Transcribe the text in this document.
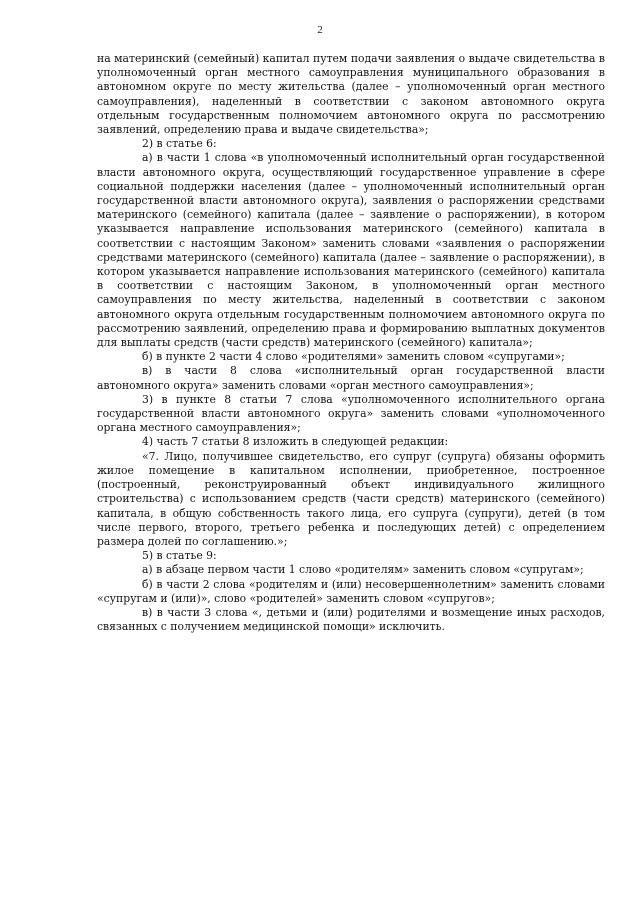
2

на материнский (семейный) капитал путем подачи заявления о выдаче свидетельства в уполномоченный орган местного самоуправления муниципального образования в автономном округе по месту жительства (далее – уполномоченный орган местного самоуправления), наделенный в соответствии с законом автономного округа отдельным государственным полномочием автономного округа по рассмотрению заявлений, определению права и выдаче свидетельства»;

2) в статье 6:

а) в части 1 слова «в уполномоченный исполнительный орган государственной власти автономного округа, осуществляющий государственное управление в сфере социальной поддержки населения (далее – уполномоченный исполнительный орган государственной власти автономного округа), заявления о распоряжении средствами материнского (семейного) капитала (далее – заявление о распоряжении), в котором указывается направление использования материнского (семейного) капитала в соответствии с настоящим Законом» заменить словами «заявления о распоряжении средствами материнского (семейного) капитала (далее – заявление о распоряжении), в котором указывается направление использования материнского (семейного) капитала в соответствии с настоящим Законом, в уполномоченный орган местного самоуправления по месту жительства, наделенный в соответствии с законом автономного округа отдельным государственным полномочием автономного округа по рассмотрению заявлений, определению права и формированию выплатных документов для выплаты средств (части средств) материнского (семейного) капитала»;

б) в пункте 2 части 4 слово «родителями» заменить словом «супругами»;

в) в части 8 слова «исполнительный орган государственной власти автономного округа» заменить словами «орган местного самоуправления»;

3) в пункте 8 статьи 7 слова «уполномоченного исполнительного органа государственной власти автономного округа» заменить словами «уполномоченного органа местного самоуправления»;

4) часть 7 статьи 8 изложить в следующей редакции:

«7. Лицо, получившее свидетельство, его супруг (супруга) обязаны оформить жилое помещение в капитальном исполнении, приобретенное, построенное (построенный, реконструированный объект индивидуального жилищного строительства) с использованием средств (части средств) материнского (семейного) капитала, в общую собственность такого лица, его супруга (супруги), детей (в том числе первого, второго, третьего ребенка и последующих детей) с определением размера долей по соглашению.»;

5) в статье 9:

а) в абзаце первом части 1 слово «родителям» заменить словом «супругам»;

б) в части 2 слова «родителям и (или) несовершеннолетним» заменить словами «супругам и (или)», слово «родителей» заменить словом «супругов»;

в) в части 3 слова «, детьми и (или) родителями и возмещение иных расходов, связанных с получением медицинской помощи» исключить.
